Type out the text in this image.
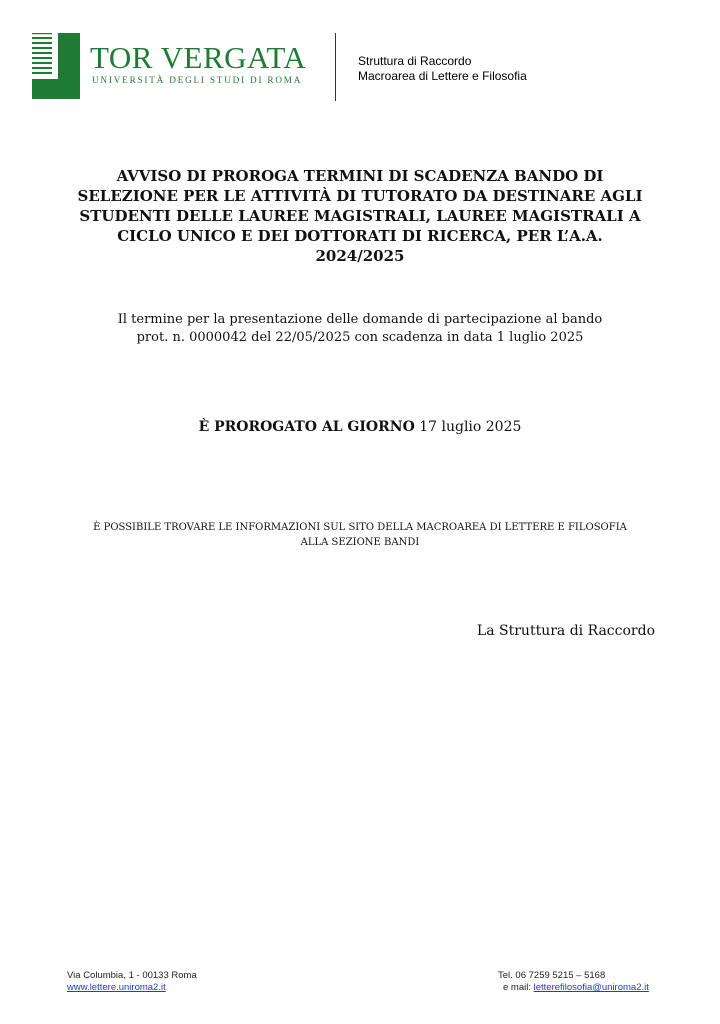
TOR VERGATA
UNIVERSITÀ DEGLI STUDI DI ROMA
Struttura di Raccordo
Macroarea di Lettere e Filosofia
AVVISO DI PROROGA TERMINI DI SCADENZA BANDO DI
SELEZIONE PER LE ATTIVITÀ DI TUTORATO DA DESTINARE AGLI
STUDENTI DELLE LAUREE MAGISTRALI, LAUREE MAGISTRALI A
CICLO UNICO E DEI DOTTORATI DI RICERCA, PER L’A.A.
2024/2025
Il termine per la presentazione delle domande di partecipazione al bando
prot. n. 0000042 del 22/05/2025 con scadenza in data 1 luglio 2025
È PROROGATO AL GIORNO 17 luglio 2025
È POSSIBILE TROVARE LE INFORMAZIONI SUL SITO DELLA MACROAREA DI LETTERE E FILOSOFIA
ALLA SEZIONE BANDI
La Struttura di Raccordo
Via Columbia, 1 - 00133 Roma
www.lettere.uniroma2.it
Tel. 06 7259 5215 – 5168
e mail: letterefilosofia@uniroma2.it
